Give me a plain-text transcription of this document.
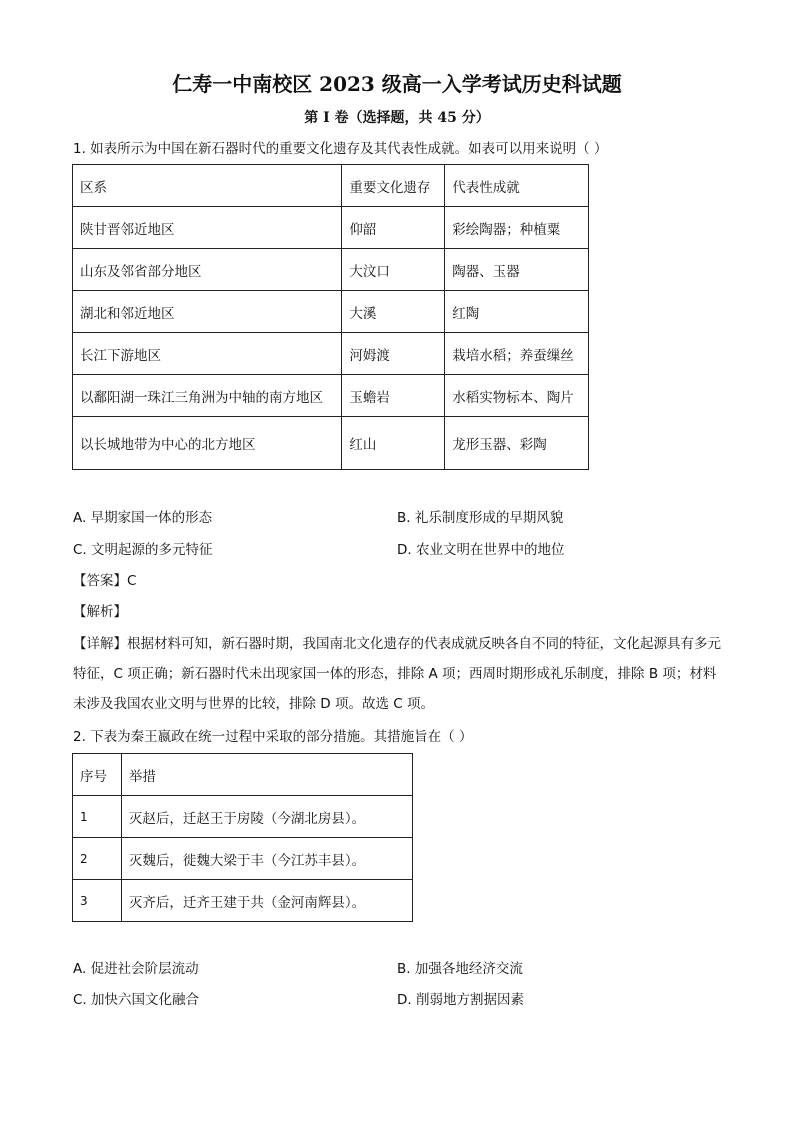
仁寿一中南校区 2023 级高一入学考试历史科试题
第 I 卷（选择题，共 45 分）
1. 如表所示为中国在新石器时代的重要文化遗存及其代表性成就。如表可以用来说明（ ）
区系	重要文化遗存	代表性成就
陕甘晋邻近地区	仰韶	彩绘陶器；种植粟
山东及邻省部分地区	大汶口	陶器、玉器
湖北和邻近地区	大溪	红陶
长江下游地区	河姆渡	栽培水稻；养蚕缫丝
以鄱阳湖一珠江三角洲为中轴的南方地区	玉蟾岩	水稻实物标本、陶片
以长城地带为中心的北方地区	红山	龙形玉器、彩陶
A. 早期家国一体的形态	B. 礼乐制度形成的早期风貌
C. 文明起源的多元特征	D. 农业文明在世界中的地位
【答案】C
【解析】
【详解】根据材料可知，新石器时期，我国南北文化遗存的代表成就反映各自不同的特征，文化起源具有多元特征，C 项正确；新石器时代未出现家国一体的形态，排除 A 项；西周时期形成礼乐制度，排除 B 项；材料未涉及我国农业文明与世界的比较，排除 D 项。故选 C 项。
2. 下表为秦王嬴政在统一过程中采取的部分措施。其措施旨在（ ）
序号	举措
1	灭赵后，迁赵王于房陵（今湖北房县）。
2	灭魏后，徙魏大梁于丰（今江苏丰县）。
3	灭齐后，迁齐王建于共（金河南辉县）。
A. 促进社会阶层流动	B. 加强各地经济交流
C. 加快六国文化融合	D. 削弱地方割据因素
